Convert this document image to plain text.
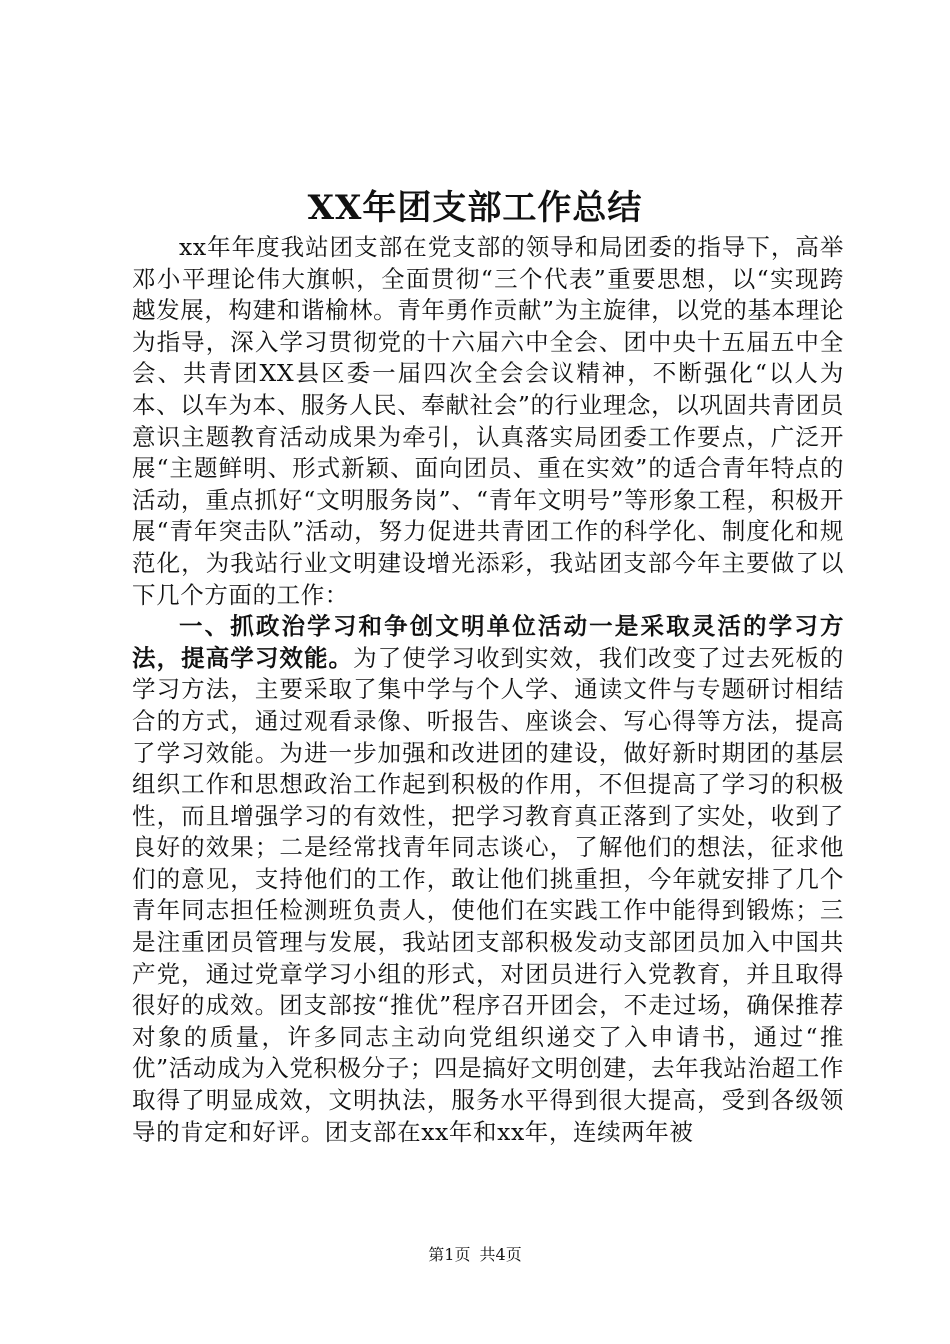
XX年团支部工作总结

xx年年度我站团支部在党支部的领导和局团委的指导下，高举邓小平理论伟大旗帜，全面贯彻“三个代表”重要思想，以“实现跨越发展，构建和谐榆林。青年勇作贡献”为主旋律，以党的基本理论为指导，深入学习贯彻党的十六届六中全会、团中央十五届五中全会、共青团XX县区委一届四次全会会议精神，不断强化“以人为本、以车为本、服务人民、奉献社会”的行业理念，以巩固共青团员意识主题教育活动成果为牵引，认真落实局团委工作要点，广泛开展“主题鲜明、形式新颖、面向团员、重在实效”的适合青年特点的活动，重点抓好“文明服务岗”、“青年文明号”等形象工程，积极开展“青年突击队”活动，努力促进共青团工作的科学化、制度化和规范化，为我站行业文明建设增光添彩，我站团支部今年主要做了以下几个方面的工作：

一、抓政治学习和争创文明单位活动一是采取灵活的学习方法，提高学习效能。为了使学习收到实效，我们改变了过去死板的学习方法，主要采取了集中学与个人学、通读文件与专题研讨相结合的方式，通过观看录像、听报告、座谈会、写心得等方法，提高了学习效能。为进一步加强和改进团的建设，做好新时期团的基层组织工作和思想政治工作起到积极的作用，不但提高了学习的积极性，而且增强学习的有效性，把学习教育真正落到了实处，收到了良好的效果；二是经常找青年同志谈心，了解他们的想法，征求他们的意见，支持他们的工作，敢让他们挑重担，今年就安排了几个青年同志担任检测班负责人，使他们在实践工作中能得到锻炼；三是注重团员管理与发展，我站团支部积极发动支部团员加入中国共产党，通过党章学习小组的形式，对团员进行入党教育，并且取得很好的成效。团支部按“推优”程序召开团会，不走过场，确保推荐对象的质量，许多同志主动向党组织递交了入申请书，通过“推优”活动成为入党积极分子；四是搞好文明创建，去年我站治超工作取得了明显成效，文明执法，服务水平得到很大提高，受到各级领导的肯定和好评。团支部在xx年和xx年，连续两年被

第1页 共4页
